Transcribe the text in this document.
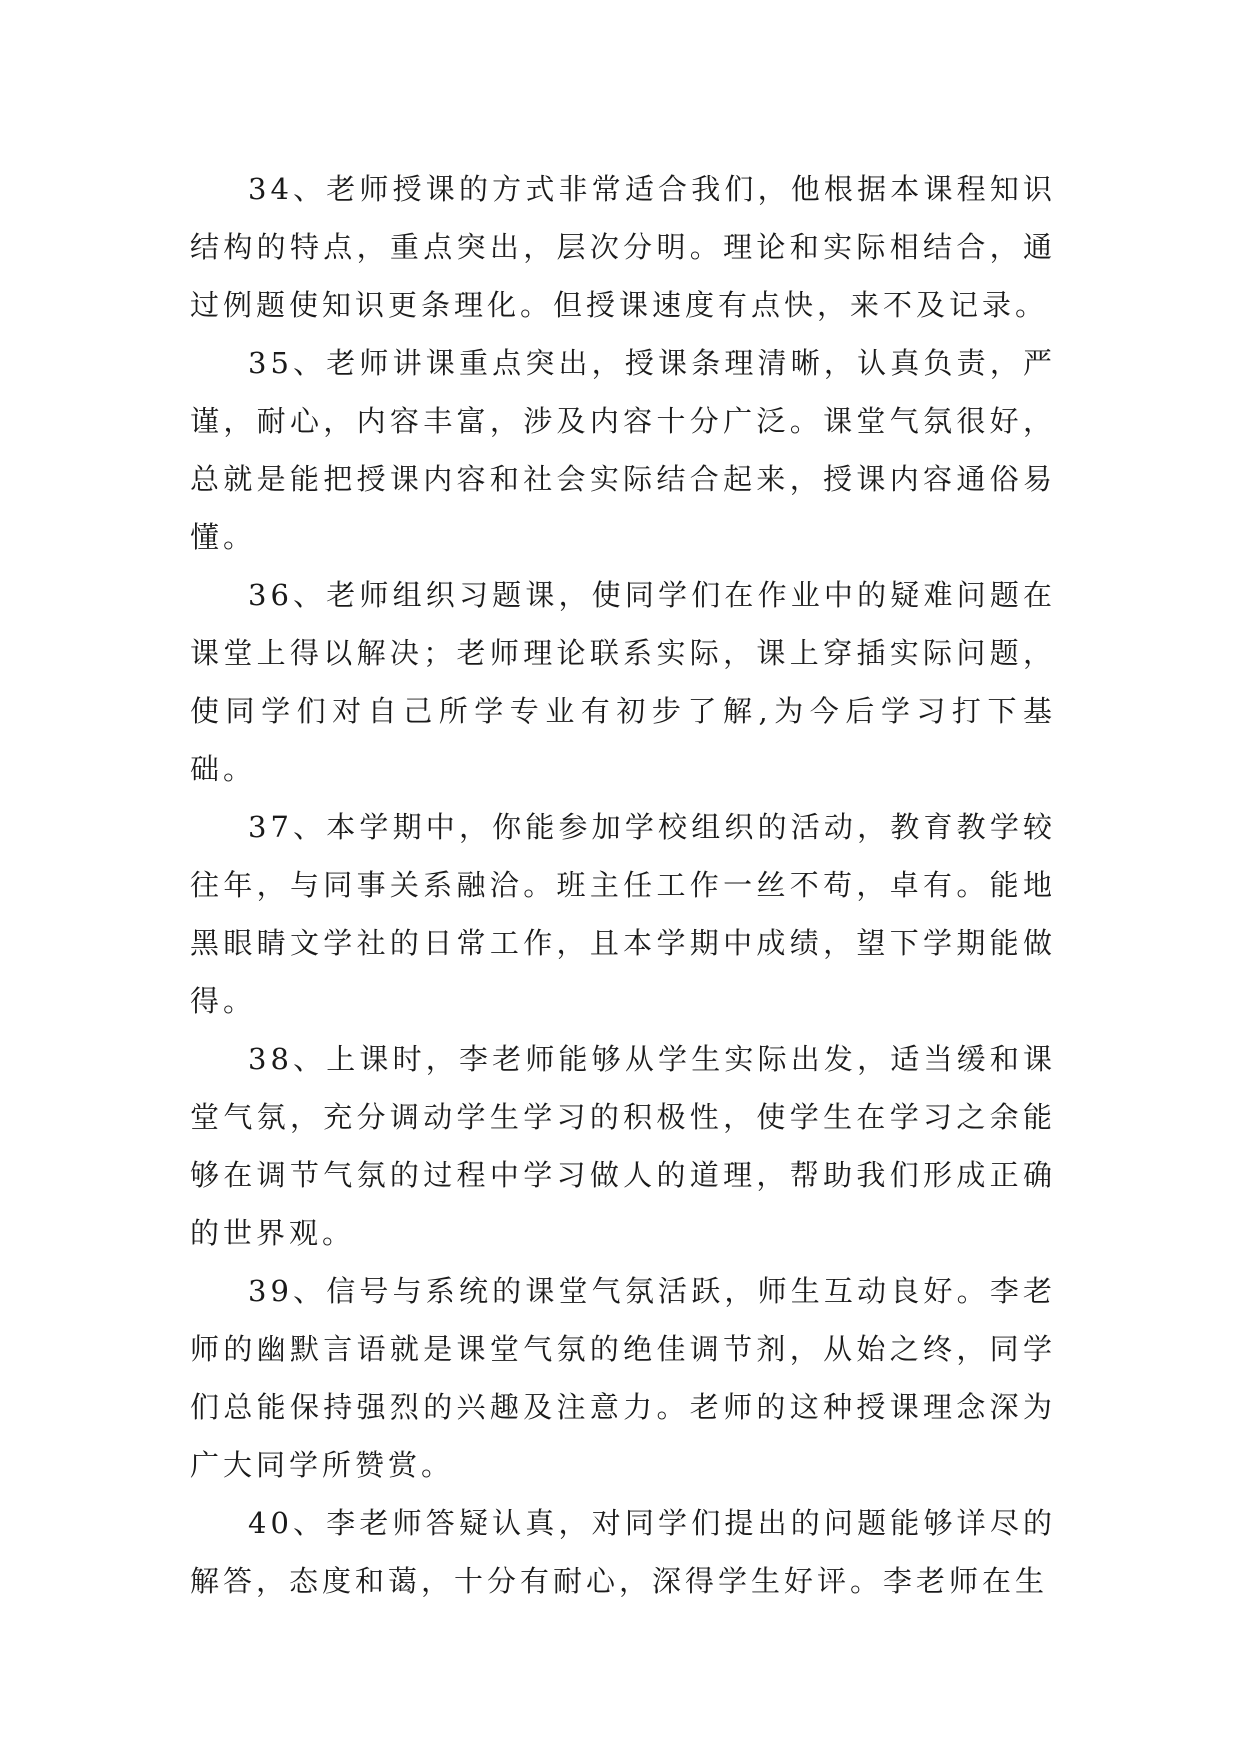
34、老师授课的方式非常适合我们，他根据本课程知识结构的特点，重点突出，层次分明。理论和实际相结合，通过例题使知识更条理化。但授课速度有点快，来不及记录。

35、老师讲课重点突出，授课条理清晰，认真负责，严谨，耐心，内容丰富，涉及内容十分广泛。课堂气氛很好，总就是能把授课内容和社会实际结合起来，授课内容通俗易懂。

36、老师组织习题课，使同学们在作业中的疑难问题在课堂上得以解决；老师理论联系实际，课上穿插实际问题，使同学们对自己所学专业有初步了解,为今后学习打下基础。

37、本学期中，你能参加学校组织的活动，教育教学较往年，与同事关系融洽。班主任工作一丝不苟，卓有。能地黑眼睛文学社的日常工作，且本学期中成绩，望下学期能做得。

38、上课时，李老师能够从学生实际出发，适当缓和课堂气氛，充分调动学生学习的积极性，使学生在学习之余能够在调节气氛的过程中学习做人的道理，帮助我们形成正确的世界观。

39、信号与系统的课堂气氛活跃，师生互动良好。李老师的幽默言语就是课堂气氛的绝佳调节剂，从始之终，同学们总能保持强烈的兴趣及注意力。老师的这种授课理念深为广大同学所赞赏。

40、李老师答疑认真，对同学们提出的问题能够详尽的解答，态度和蔼，十分有耐心，深得学生好评。李老师在生
